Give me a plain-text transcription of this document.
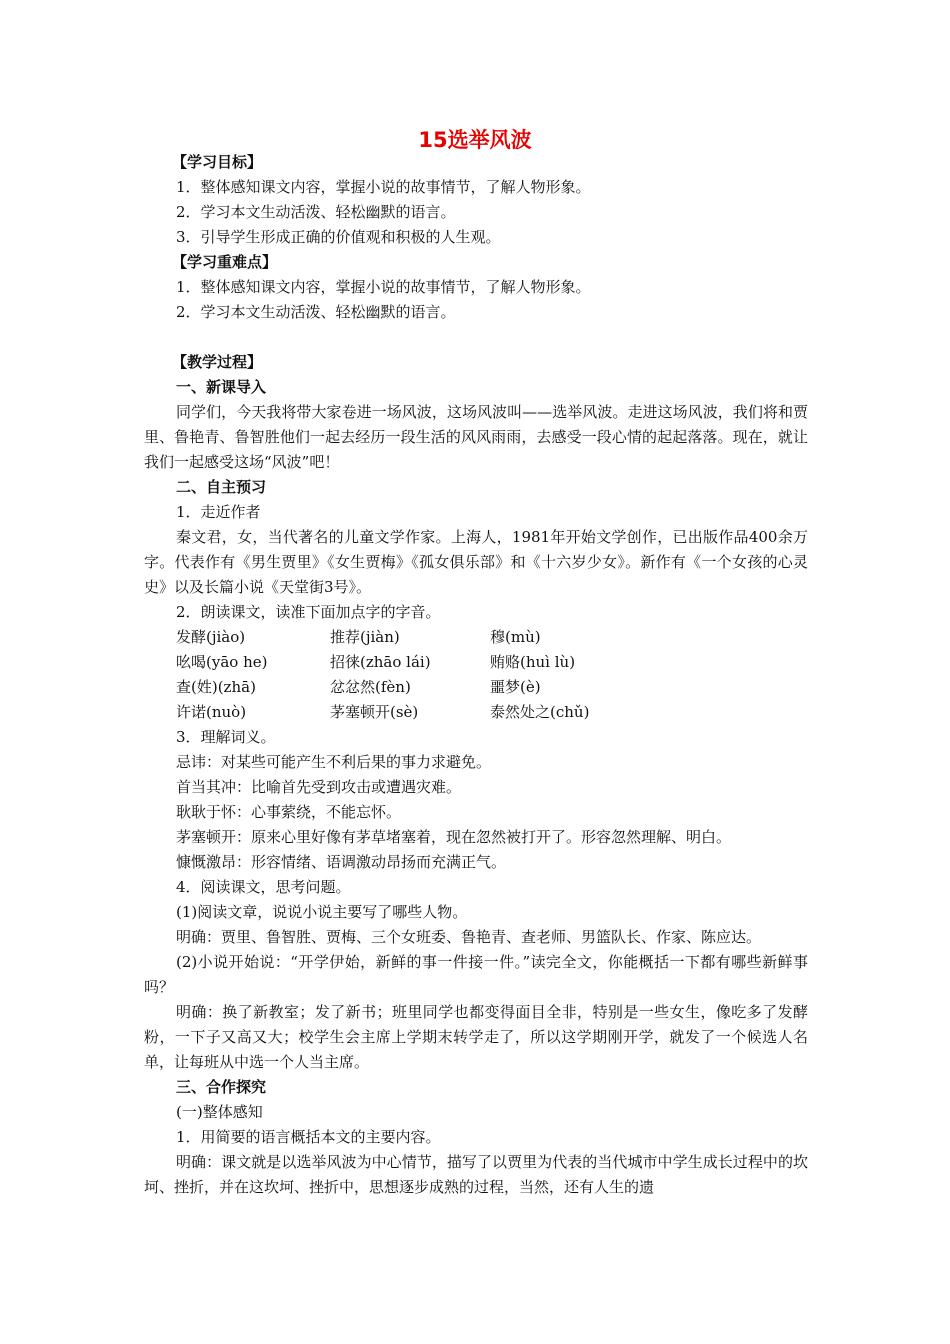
15选举风波
【学习目标】
1．整体感知课文内容，掌握小说的故事情节，了解人物形象。
2．学习本文生动活泼、轻松幽默的语言。
3．引导学生形成正确的价值观和积极的人生观。
【学习重难点】
1．整体感知课文内容，掌握小说的故事情节，了解人物形象。
2．学习本文生动活泼、轻松幽默的语言。
【教学过程】
一、新课导入
同学们，今天我将带大家卷进一场风波，这场风波叫——选举风波。走进这场风波，我们将和贾里、鲁艳青、鲁智胜他们一起去经历一段生活的风风雨雨，去感受一段心情的起起落落。现在，就让我们一起感受这场“风波”吧！
二、自主预习
1．走近作者
秦文君，女，当代著名的儿童文学作家。上海人，1981年开始文学创作，已出版作品400余万字。代表作有《男生贾里》《女生贾梅》《孤女俱乐部》和《十六岁少女》。新作有《一个女孩的心灵史》以及长篇小说《天堂街3号》。
2．朗读课文，读准下面加点字的字音。
发酵(jiào)	推荐(jiàn)	穆(mù)
吆喝(yāo he)	招徕(zhāo lái)	贿赂(huì lù)
查(姓)(zhā)	忿忿然(fèn)	噩梦(è)
许诺(nuò)	茅塞顿开(sè)	泰然处之(chǔ)
3．理解词义。
忌讳：对某些可能产生不利后果的事力求避免。
首当其冲：比喻首先受到攻击或遭遇灾难。
耿耿于怀：心事萦绕，不能忘怀。
茅塞顿开：原来心里好像有茅草堵塞着，现在忽然被打开了。形容忽然理解、明白。
慷慨激昂：形容情绪、语调激动昂扬而充满正气。
4．阅读课文，思考问题。
(1)阅读文章，说说小说主要写了哪些人物。
明确：贾里、鲁智胜、贾梅、三个女班委、鲁艳青、查老师、男篮队长、作家、陈应达。
(2)小说开始说：“开学伊始，新鲜的事一件接一件。”读完全文，你能概括一下都有哪些新鲜事吗？
明确：换了新教室；发了新书；班里同学也都变得面目全非，特别是一些女生，像吃多了发酵粉，一下子又高又大；校学生会主席上学期末转学走了，所以这学期刚开学，就发了一个候选人名单，让每班从中选一个人当主席。
三、合作探究
(一)整体感知
1．用简要的语言概括本文的主要内容。
明确：课文就是以选举风波为中心情节，描写了以贾里为代表的当代城市中学生成长过程中的坎坷、挫折，并在这坎坷、挫折中，思想逐步成熟的过程，当然，还有人生的遗
